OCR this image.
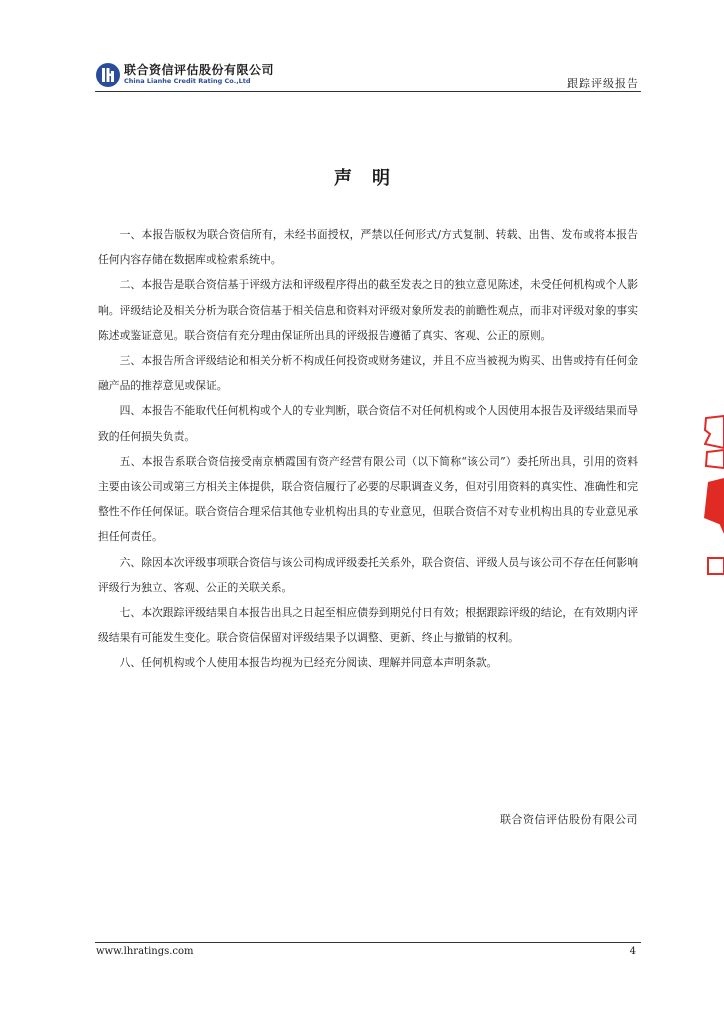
联合资信评估股份有限公司
China Lianhe Credit Rating Co.,Ltd	跟踪评级报告
声明

一、本报告版权为联合资信所有，未经书面授权，严禁以任何形式/方式复制、转载、出售、发布或将本报告任何内容存储在数据库或检索系统中。

二、本报告是联合资信基于评级方法和评级程序得出的截至发表之日的独立意见陈述，未受任何机构或个人影响。评级结论及相关分析为联合资信基于相关信息和资料对评级对象所发表的前瞻性观点，而非对评级对象的事实陈述或鉴证意见。联合资信有充分理由保证所出具的评级报告遵循了真实、客观、公正的原则。

三、本报告所含评级结论和相关分析不构成任何投资或财务建议，并且不应当被视为购买、出售或持有任何金融产品的推荐意见或保证。

四、本报告不能取代任何机构或个人的专业判断，联合资信不对任何机构或个人因使用本报告及评级结果而导致的任何损失负责。

五、本报告系联合资信接受南京栖霞国有资产经营有限公司（以下简称“该公司”）委托所出具，引用的资料主要由该公司或第三方相关主体提供，联合资信履行了必要的尽职调查义务，但对引用资料的真实性、准确性和完整性不作任何保证。联合资信合理采信其他专业机构出具的专业意见，但联合资信不对专业机构出具的专业意见承担任何责任。

六、除因本次评级事项联合资信与该公司构成评级委托关系外，联合资信、评级人员与该公司不存在任何影响评级行为独立、客观、公正的关联关系。

七、本次跟踪评级结果自本报告出具之日起至相应债券到期兑付日有效；根据跟踪评级的结论，在有效期内评级结果有可能发生变化。联合资信保留对评级结果予以调整、更新、终止与撤销的权利。

八、任何机构或个人使用本报告均视为已经充分阅读、理解并同意本声明条款。

联合资信评估股份有限公司
www.lhratings.com	4
